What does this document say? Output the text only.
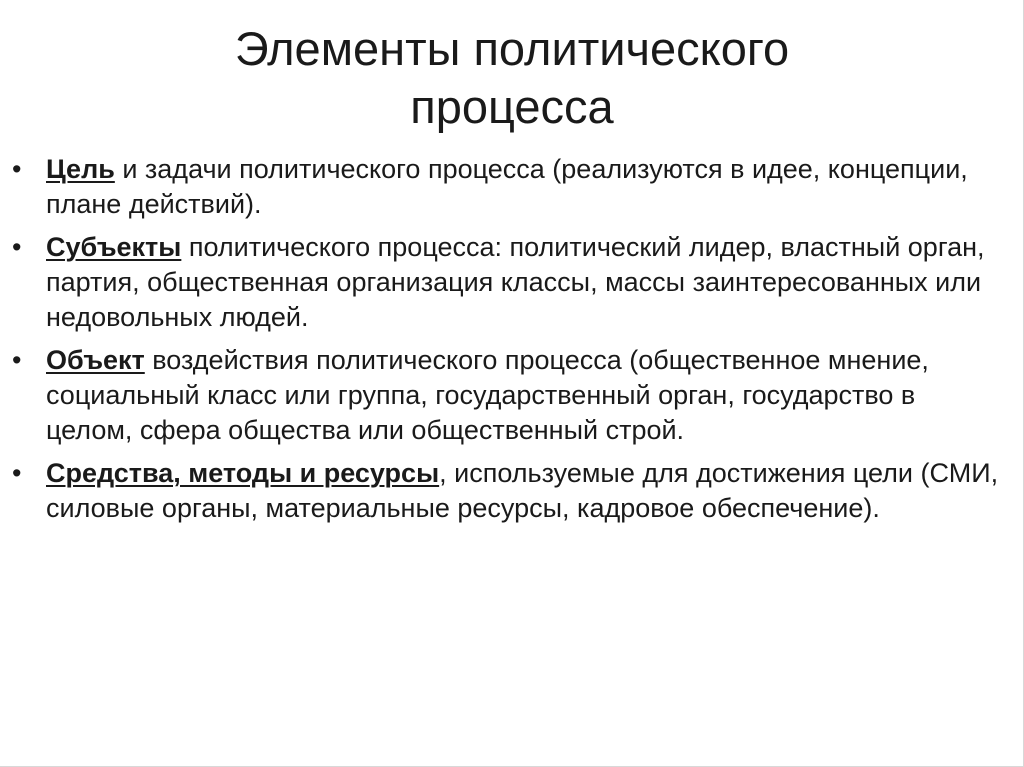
Элементы политического
процесса
• Цель и задачи политического процесса (реализуются в идее, концепции, плане действий).
• Субъекты политического процесса: политический лидер, властный орган, партия, общественная организация классы, массы заинтересованных или недовольных людей.
• Объект воздействия политического процесса (общественное мнение, социальный класс или группа, государственный орган, государство в целом, сфера общества или общественный строй.
• Средства, методы и ресурсы, используемые для достижения цели (СМИ, силовые органы, материальные ресурсы, кадровое обеспечение).
